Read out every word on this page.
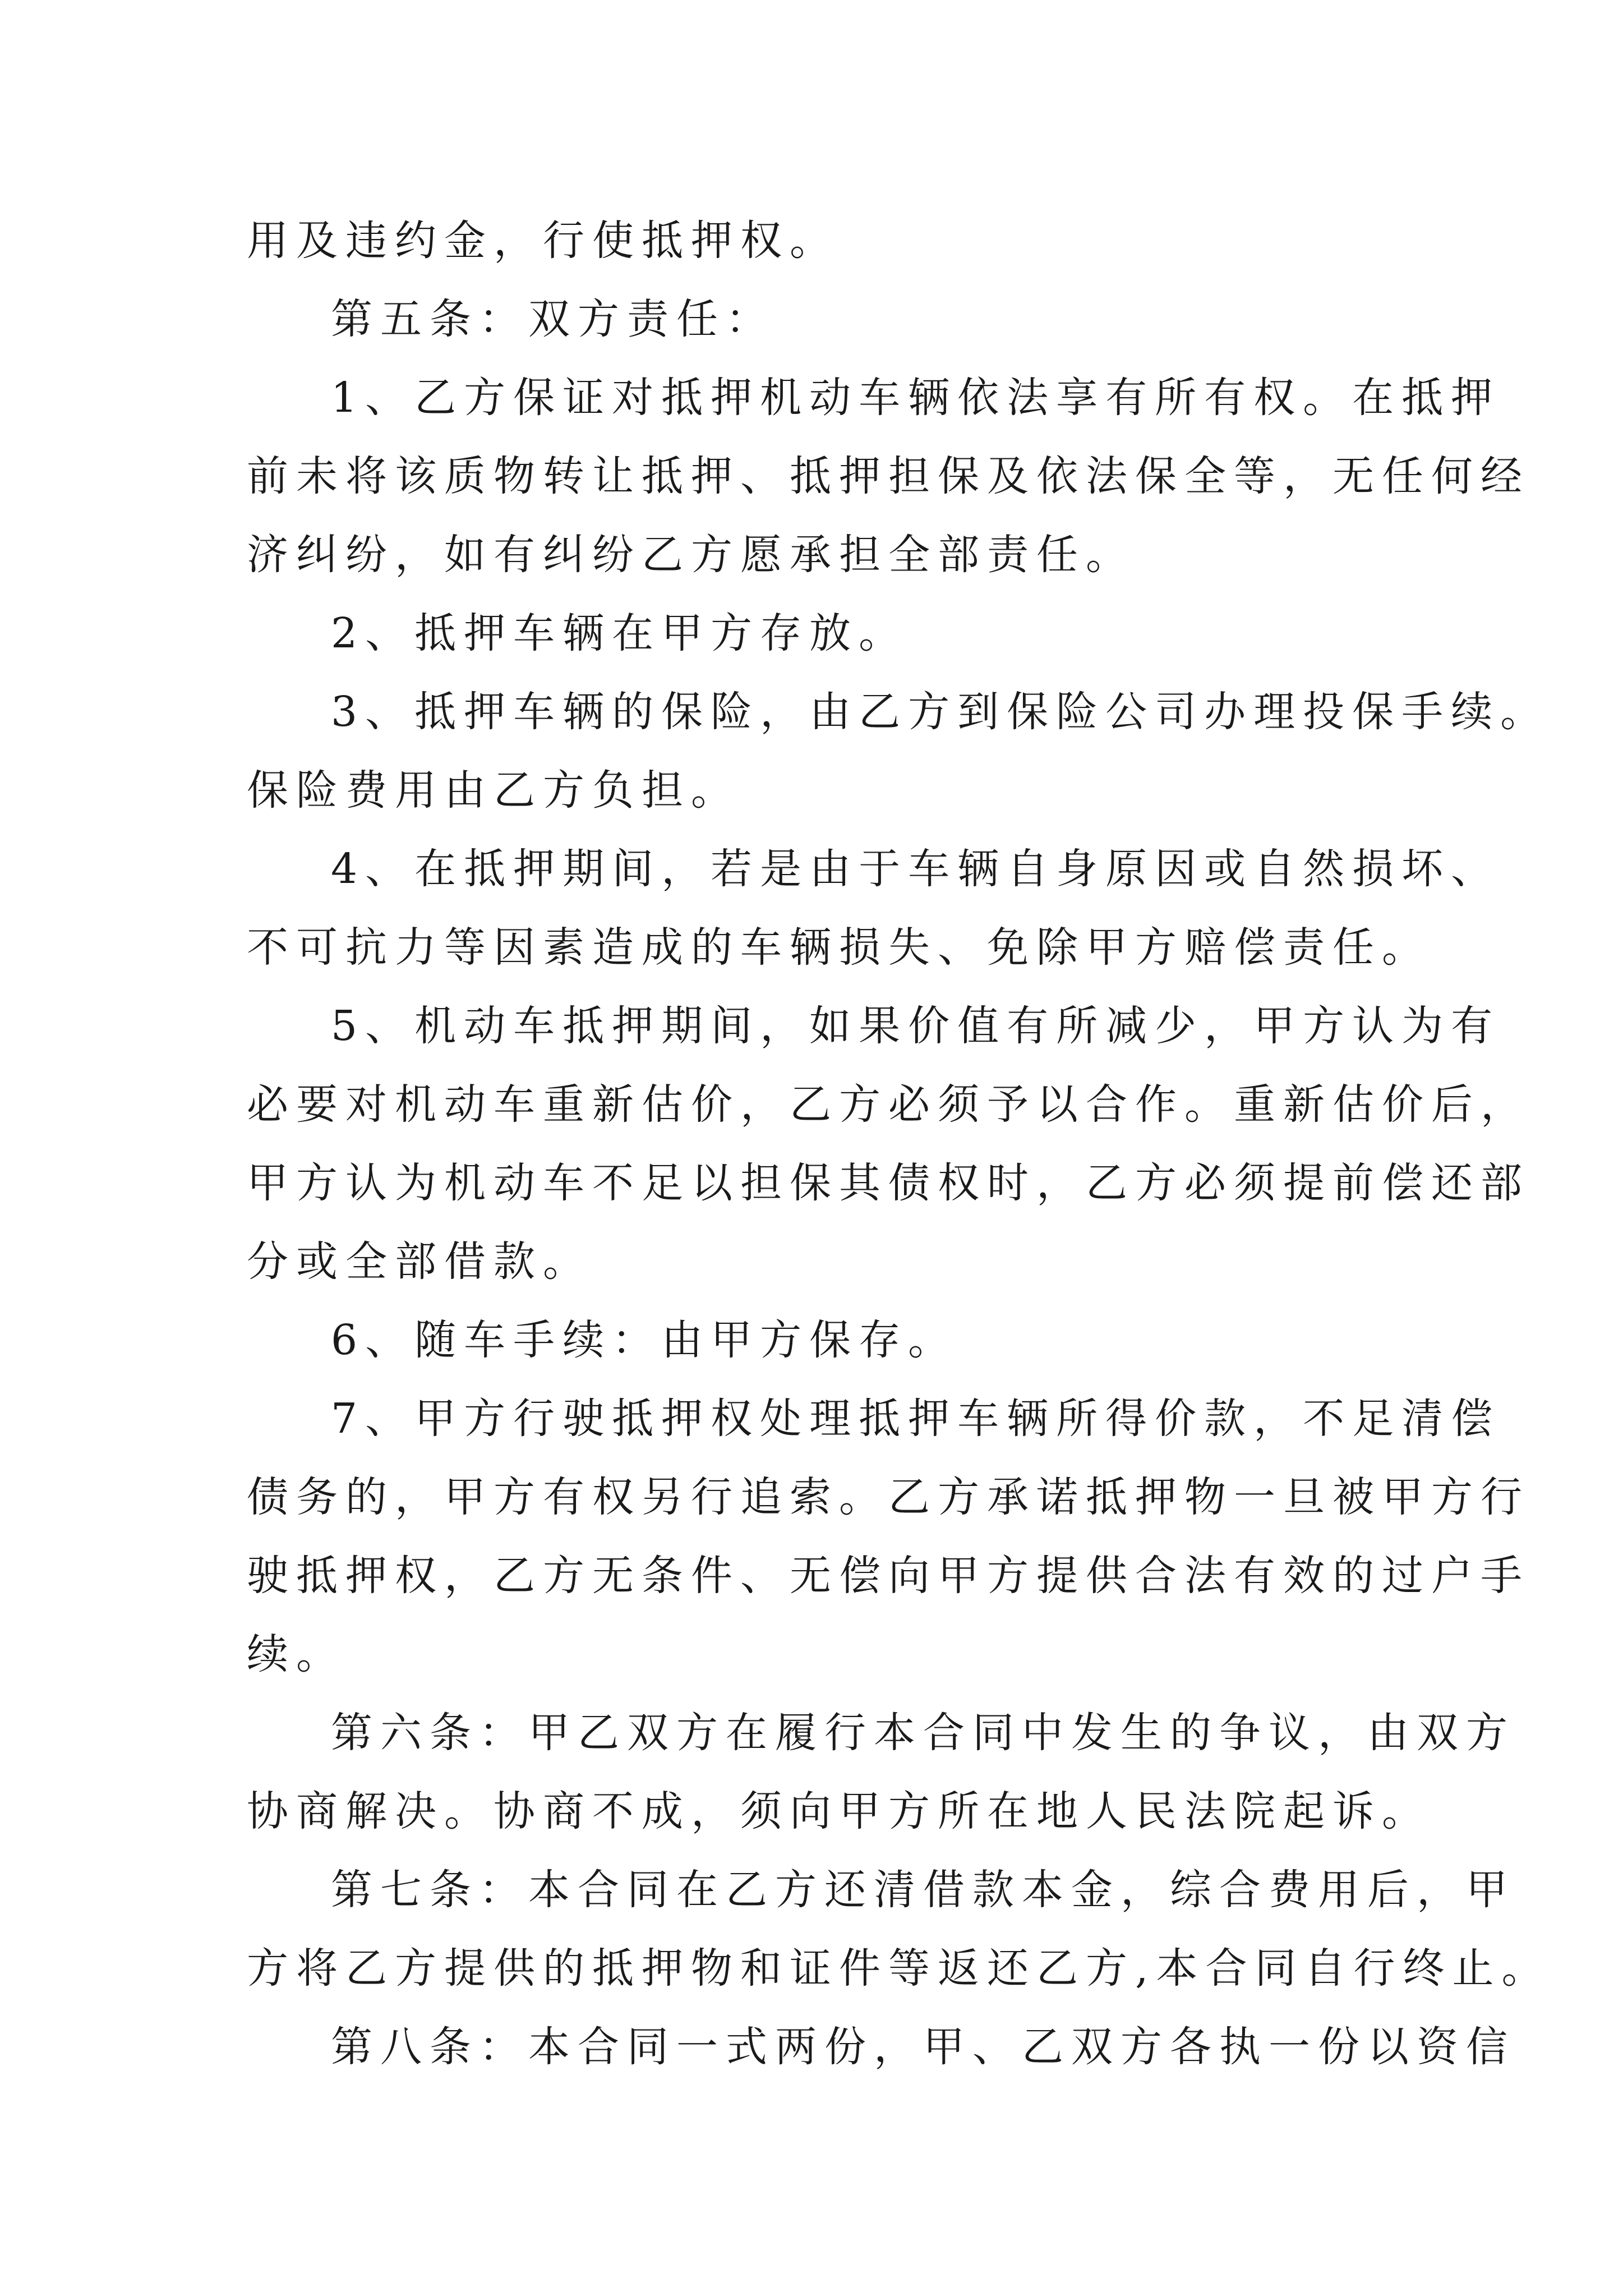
用及违约金，行使抵押权。
第五条：双方责任：
1、乙方保证对抵押机动车辆依法享有所有权。在抵押
前未将该质物转让抵押、抵押担保及依法保全等，无任何经
济纠纷，如有纠纷乙方愿承担全部责任。
2、抵押车辆在甲方存放。
3、抵押车辆的保险，由乙方到保险公司办理投保手续。
保险费用由乙方负担。
4、在抵押期间，若是由于车辆自身原因或自然损坏、
不可抗力等因素造成的车辆损失、免除甲方赔偿责任。
5、机动车抵押期间，如果价值有所减少，甲方认为有
必要对机动车重新估价，乙方必须予以合作。重新估价后，
甲方认为机动车不足以担保其债权时，乙方必须提前偿还部
分或全部借款。
6、随车手续：由甲方保存。
7、甲方行驶抵押权处理抵押车辆所得价款，不足清偿
债务的，甲方有权另行追索。乙方承诺抵押物一旦被甲方行
驶抵押权，乙方无条件、无偿向甲方提供合法有效的过户手
续。
第六条：甲乙双方在履行本合同中发生的争议，由双方
协商解决。协商不成，须向甲方所在地人民法院起诉。
第七条：本合同在乙方还清借款本金，综合费用后，甲
方将乙方提供的抵押物和证件等返还乙方,本合同自行终止。
第八条：本合同一式两份，甲、乙双方各执一份以资信
